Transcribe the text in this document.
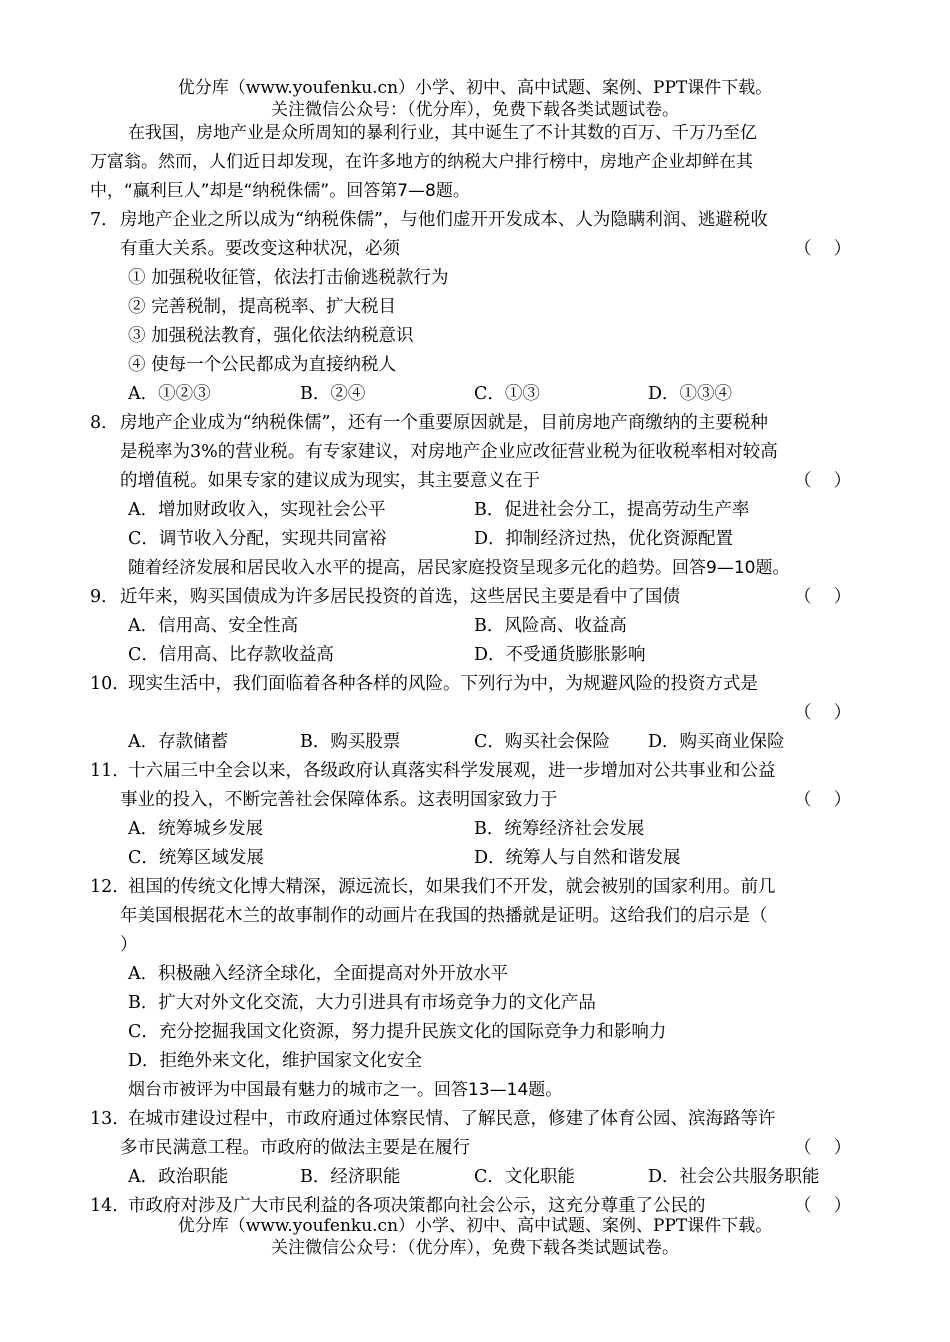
优分库（www.youfenku.cn）小学、初中、高中试题、案例、PPT课件下载。
关注微信公众号：（优分库），免费下载各类试题试卷。
在我国，房地产业是众所周知的暴利行业，其中诞生了不计其数的百万、千万乃至亿
万富翁。然而，人们近日却发现，在许多地方的纳税大户排行榜中，房地产企业却鲜在其
中，“赢利巨人”却是“纳税侏儒”。回答第7—8题。
7． 房地产企业之所以成为“纳税侏儒”，与他们虚开开发成本、人为隐瞒利润、逃避税收
有重大关系。要改变这种状况，必须	（    ）
① 加强税收征管，依法打击偷逃税款行为
② 完善税制，提高税率、扩大税目
③ 加强税法教育，强化依法纳税意识
④ 使每一个公民都成为直接纳税人
A．①②③	B．②④	C．①③	D．①③④
8． 房地产企业成为“纳税侏儒”，还有一个重要原因就是，目前房地产商缴纳的主要税种
是税率为3%的营业税。有专家建议，对房地产企业应改征营业税为征收税率相对较高
的增值税。如果专家的建议成为现实，其主要意义在于	（    ）
A．增加财政收入，实现社会公平	B．促进社会分工，提高劳动生产率
C．调节收入分配，实现共同富裕	D．抑制经济过热，优化资源配置
随着经济发展和居民收入水平的提高，居民家庭投资呈现多元化的趋势。回答9—10题。
9． 近年来，购买国债成为许多居民投资的首选，这些居民主要是看中了国债	（    ）
A．信用高、安全性高	B．风险高、收益高
C．信用高、比存款收益高	D．不受通货膨胀影响
10．
现实生活中，我们面临着各种各样的风险。下列行为中，为规避风险的投资方式是
（    ）
A．存款储蓄	B．购买股票	C．购买社会保险 D．购买商业保险
11．
十六届三中全会以来，各级政府认真落实科学发展观，进一步增加对公共事业和公益
事业的投入，不断完善社会保障体系。这表明国家致力于	（    ）
A．统筹城乡发展	B．统筹经济社会发展
C．统筹区域发展	D．统筹人与自然和谐发展
12．
祖国的传统文化博大精深，源远流长，如果我们不开发，就会被别的国家利用。前几
年美国根据花木兰的故事制作的动画片在我国的热播就是证明。这给我们的启示是（
）
A．积极融入经济全球化，全面提高对外开放水平
B．扩大对外文化交流，大力引进具有市场竞争力的文化产品
C．充分挖掘我国文化资源，努力提升民族文化的国际竞争力和影响力
D．拒绝外来文化，维护国家文化安全
烟台市被评为中国最有魅力的城市之一。回答13—14题。
13．
在城市建设过程中，市政府通过体察民情、了解民意，修建了体育公园、滨海路等许
多市民满意工程。市政府的做法主要是在履行	（    ）
A．政治职能	B．经济职能	C．文化职能	D．社会公共服务职能
14．
市政府对涉及广大市民利益的各项决策都向社会公示，这充分尊重了公民的	（    ）
优分库（www.youfenku.cn）小学、初中、高中试题、案例、PPT课件下载。
关注微信公众号：（优分库），免费下载各类试题试卷。
